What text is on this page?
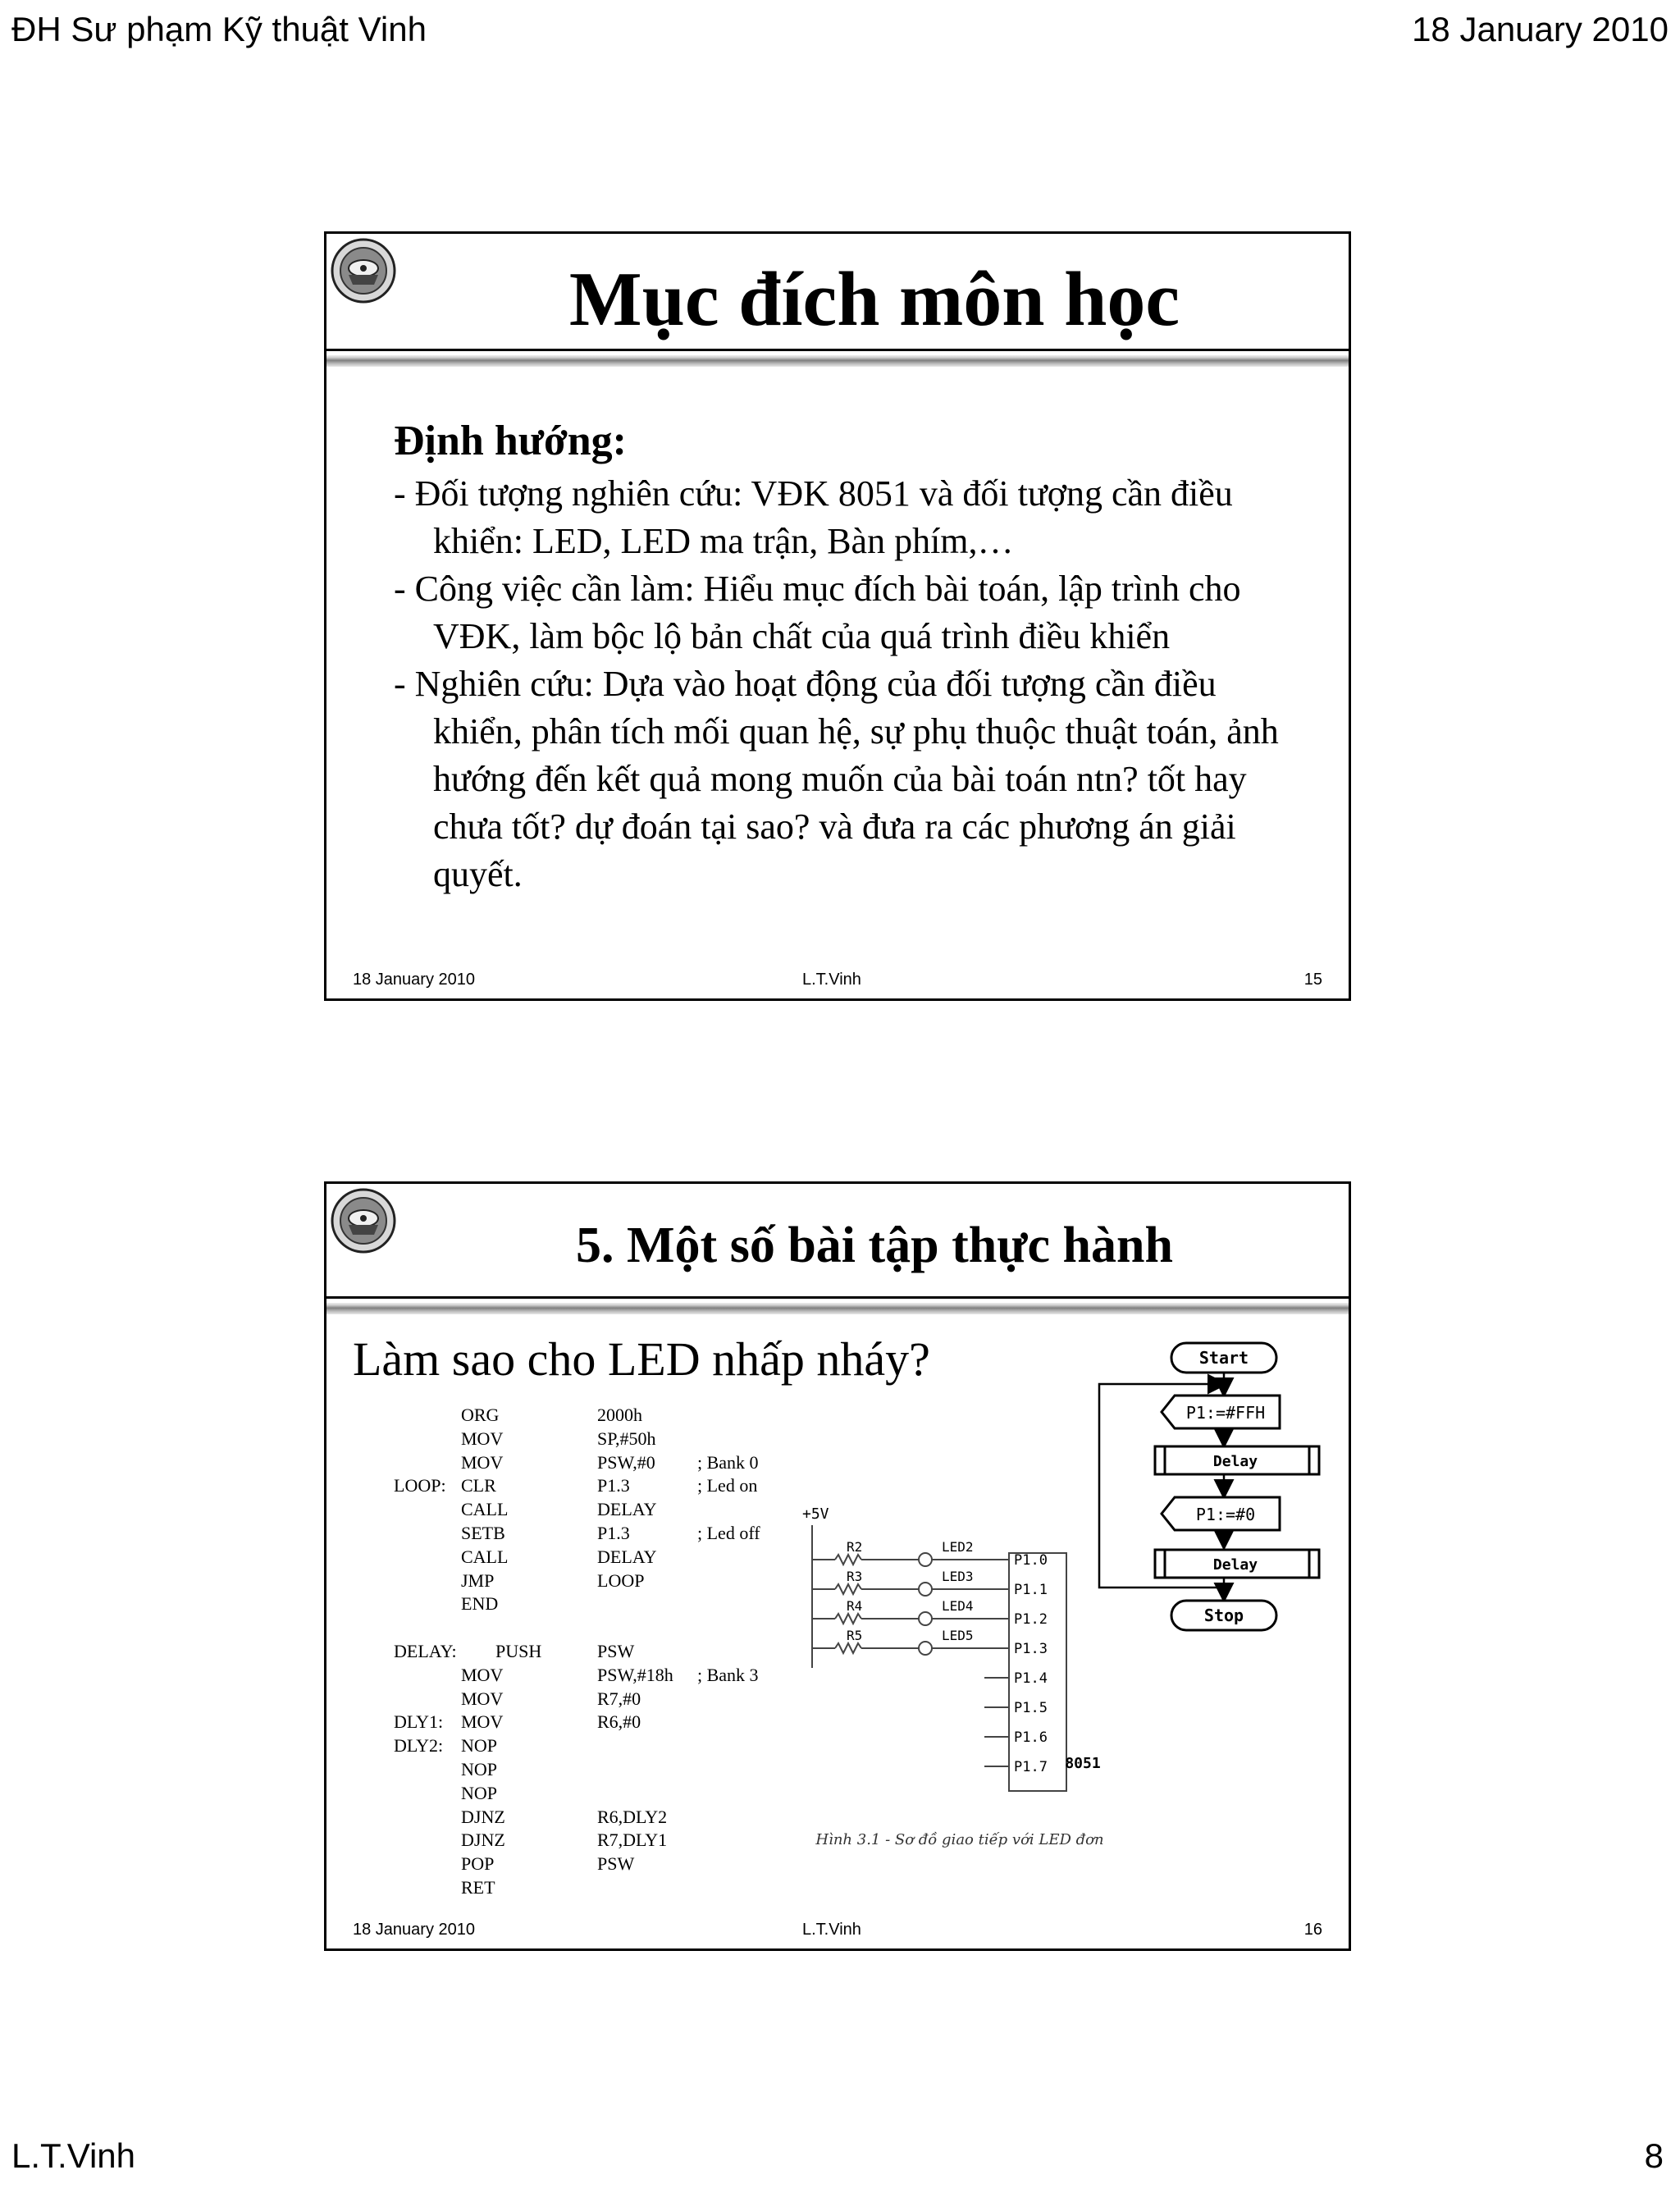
ĐH Sư phạm Kỹ thuật Vinh	18 January 2010
Mục đích môn học
Định hướng:
- Đối tượng nghiên cứu: VĐK 8051 và đối tượng cần điều khiển: LED, LED ma trận, Bàn phím,…
- Công việc cần làm: Hiểu mục đích bài toán, lập trình cho VĐK, làm bộc lộ bản chất của quá trình điều khiển
- Nghiên cứu: Dựa vào hoạt động của đối tượng cần điều khiển, phân tích mối quan hệ, sự phụ thuộc thuật toán, ảnh hướng đến kết quả mong muốn của bài toán ntn? tốt hay chưa tốt? dự đoán tại sao? và đưa ra các phương án giải quyết.
18 January 2010	L.T.Vinh	15
5. Một số bài tập thực hành
Làm sao cho LED nhấp nháy?
ORG	2000h
MOV	SP,#50h
MOV	PSW,#0 ; Bank 0
LOOP: CLR	P1.3	; Led on
CALL	DELAY
SETB	P1.3	; Led off
CALL	DELAY
JMP	LOOP
END
DELAY: PUSH	PSW
MOV	PSW,#18h ; Bank 3
MOV	R7,#0
DLY1: MOV	R6,#0
DLY2: NOP
NOP
NOP
DJNZ	R6,DLY2
DJNZ	R7,DLY1
POP	PSW
RET
+5V
R2	LED2
R3	LED3
R4	LED4
R5	LED5
P1.0
P1.1
P1.2
P1.3
P1.4
P1.5
P1.6
P1.7 8051
Hình 3.1 - Sơ đồ giao tiếp với LED đơn
Start
P1:=#FFH
Delay
P1:=#0
Delay
Stop
18 January 2010	L.T.Vinh	16
L.T.Vinh	8
